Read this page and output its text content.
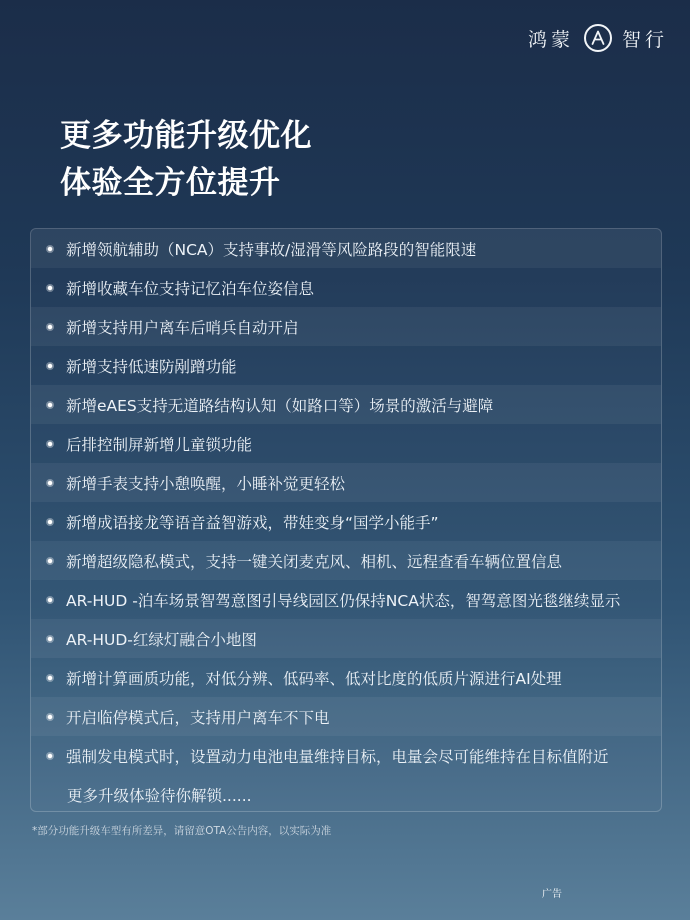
鸿蒙	智行
更多功能升级优化
体验全方位提升
新增领航辅助（NCA）支持事故/湿滑等风险路段的智能限速
新增收藏车位支持记忆泊车位姿信息
新增支持用户离车后哨兵自动开启
新增支持低速防剐蹭功能
新增eAES支持无道路结构认知（如路口等）场景的激活与避障
后排控制屏新增儿童锁功能
新增手表支持小憩唤醒，小睡补觉更轻松
新增成语接龙等语音益智游戏，带娃变身“国学小能手”
新增超级隐私模式，支持一键关闭麦克风、相机、远程查看车辆位置信息
AR-HUD -泊车场景智驾意图引导线园区仍保持NCA状态，智驾意图光毯继续显示
AR-HUD-红绿灯融合小地图
新增计算画质功能，对低分辨、低码率、低对比度的低质片源进行AI处理
开启临停模式后，支持用户离车不下电
强制发电模式时，设置动力电池电量维持目标，电量会尽可能维持在目标值附近
更多升级体验待你解锁......
*部分功能升级车型有所差异，请留意OTA公告内容，以实际为准
广告
